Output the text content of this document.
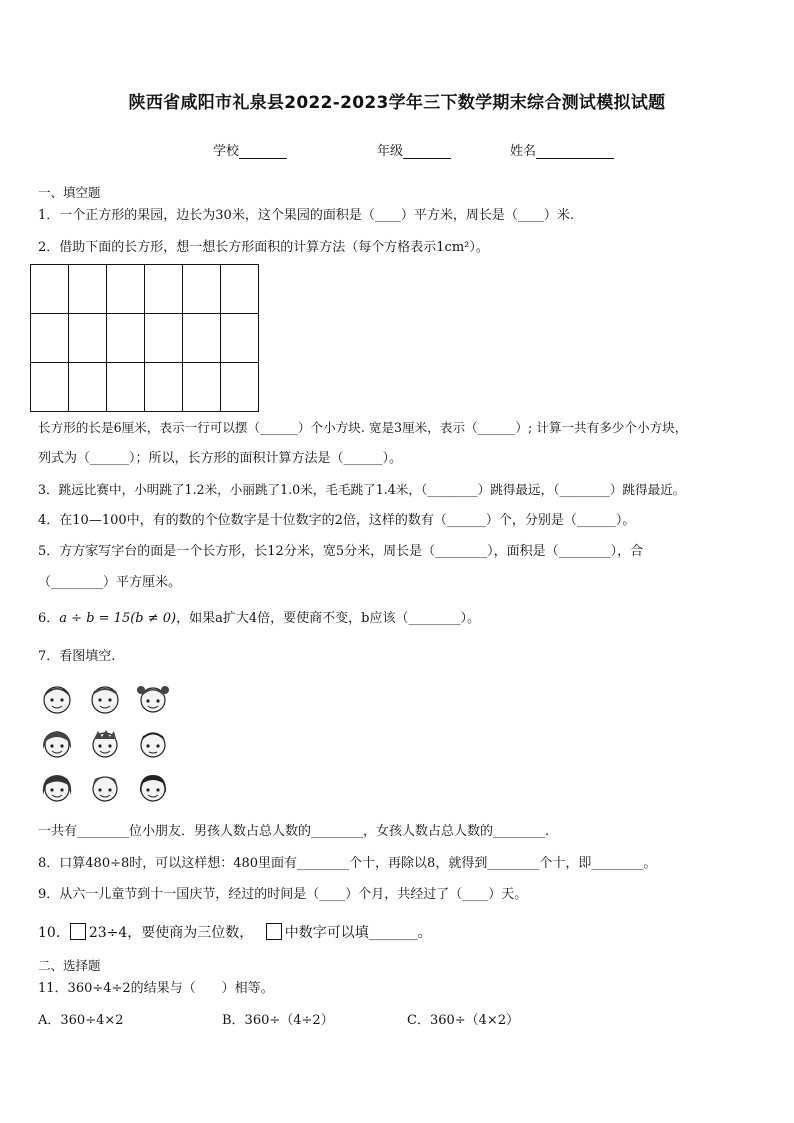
陕西省咸阳市礼泉县2022-2023学年三下数学期末综合测试模拟试题
学校	年级	姓名
一、填空题
1．一个正方形的果园，边长为30米，这个果园的面积是（____）平方米，周长是（____）米.
2．借助下面的长方形，想一想长方形面积的计算方法（每个方格表示1cm²）。

长方形的长是6厘米，表示一行可以摆（______）个小方块. 宽是3厘米，表示（______）; 计算一共有多少个小方块，
列式为（______）；所以，长方形的面积计算方法是（______）。
3．跳远比赛中，小明跳了1.2米，小丽跳了1.0米，毛毛跳了1.4米，（________）跳得最远，（________）跳得最近。
4．在10—100中，有的数的个位数字是十位数字的2倍，这样的数有（______）个，分别是（______）。
5．方方家写字台的面是一个长方形，长12分米，宽5分米，周长是（________），面积是（________），合
（________）平方厘米。
6．a ÷ b = 15(b ≠ 0)，如果a扩大4倍，要使商不变，b应该（________）。
7．看图填空.
一共有________位小朋友．男孩人数占总人数的________，女孩人数占总人数的________.
8．口算480÷8时，可以这样想：480里面有________个十，再除以8，就得到________个十，即________。
9．从六一儿童节到十一国庆节，经过的时间是（____）个月，共经过了（____）天。
10． 23÷4，要使商为三位数， 中数字可以填_______。
二、选择题
11．360÷4÷2的结果与（　　）相等。
A．360÷4×2	B．360÷（4÷2）	C．360÷（4×2）
